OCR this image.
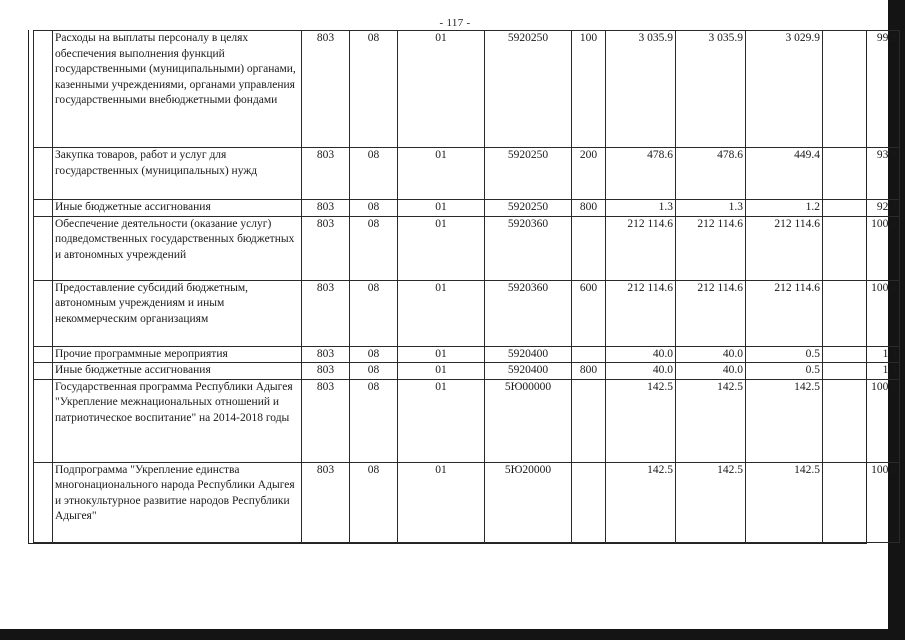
- 117 -
	Расходы на выплаты персоналу в целях обеспечения выполнения функций государственными (муниципальными) органами, казенными учреждениями, органами управления государственными внебюджетными фондами	803	08	01	5920250	100	3 035.9	3 035.9	3 029.9	99.8
	Закупка товаров, работ и услуг для государственных (муниципальных) нужд	803	08	01	5920250	200	478.6	478.6	449.4	93.9
	Иные бюджетные ассигнования	803	08	01	5920250	800	1.3	1.3	1.2	92.3
	Обеспечение деятельности (оказание услуг) подведомственных государственных бюджетных и автономных учреждений	803	08	01	5920360		212 114.6	212 114.6	212 114.6	100.0
	Предоставление субсидий бюджетным, автономным учреждениям и иным некоммерческим организациям	803	08	01	5920360	600	212 114.6	212 114.6	212 114.6	100.0
	Прочие программные мероприятия	803	08	01	5920400		40.0	40.0	0.5	1.3
	Иные бюджетные ассигнования	803	08	01	5920400	800	40.0	40.0	0.5	1.3
	Государственная программа Республики Адыгея "Укрепление межнациональных отношений и патриотическое воспитание" на 2014-2018 годы	803	08	01	5Ю00000		142.5	142.5	142.5	100.0
	Подпрограмма "Укрепление единства многонационального народа Республики Адыгея и этнокультурное развитие народов Республики Адыгея"	803	08	01	5Ю20000		142.5	142.5	142.5	100.0
